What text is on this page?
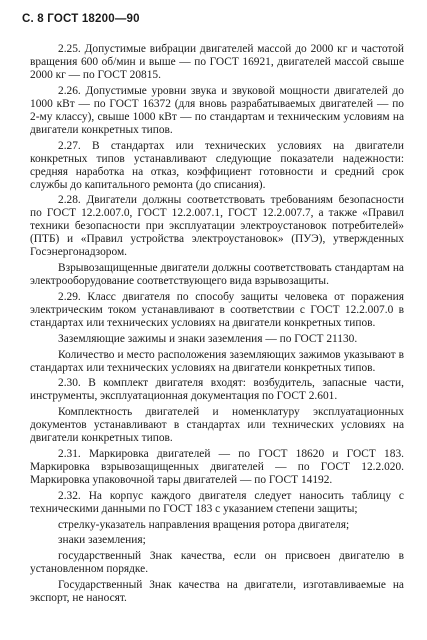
С. 8 ГОСТ 18200—90

2.25. Допустимые вибрации двигателей массой до 2000 кг и частотой вращения 600 об/мин и выше — по ГОСТ 16921, двигателей массой свыше 2000 кг — по ГОСТ 20815.

2.26. Допустимые уровни звука и звуковой мощности двигателей до 1000 кВт — по ГОСТ 16372 (для вновь разрабатываемых двигателей — по 2-му классу), свыше 1000 кВт — по стандартам и техническим условиям на двигатели конкретных типов.

2.27. В стандартах или технических условиях на двигатели конкретных типов устанавливают следующие показатели надежности: средняя наработка на отказ, коэффициент готовности и средний срок службы до капитального ремонта (до списания).

2.28. Двигатели должны соответствовать требованиям безопасности по ГОСТ 12.2.007.0, ГОСТ 12.2.007.1, ГОСТ 12.2.007.7, а также «Правил техники безопасности при эксплуатации электроустановок потребителей» (ПТБ) и «Правил устройства электроустановок» (ПУЭ), утвержденных Госэнергонадзором.

Взрывозащищенные двигатели должны соответствовать стандартам на электрооборудование соответствующего вида взрывозащиты.

2.29. Класс двигателя по способу защиты человека от поражения электрическим током устанавливают в соответствии с ГОСТ 12.2.007.0 в стандартах или технических условиях на двигатели конкретных типов.

Заземляющие зажимы и знаки заземления — по ГОСТ 21130.

Количество и место расположения заземляющих зажимов указывают в стандартах или технических условиях на двигатели конкретных типов.

2.30. В комплект двигателя входят: возбудитель, запасные части, инструменты, эксплуатационная документация по ГОСТ 2.601.

Комплектность двигателей и номенклатуру эксплуатационных документов устанавливают в стандартах или технических условиях на двигатели конкретных типов.

2.31. Маркировка двигателей — по ГОСТ 18620 и ГОСТ 183. Маркировка взрывозащищенных двигателей — по ГОСТ 12.2.020. Маркировка упаковочной тары двигателей — по ГОСТ 14192.

2.32. На корпус каждого двигателя следует наносить таблицу с техническими данными по ГОСТ 183 с указанием степени защиты;

стрелку-указатель направления вращения ротора двигателя;

знаки заземления;

государственный Знак качества, если он присвоен двигателю в установленном порядке.

Государственный Знак качества на двигатели, изготавливаемые на экспорт, не наносят.
